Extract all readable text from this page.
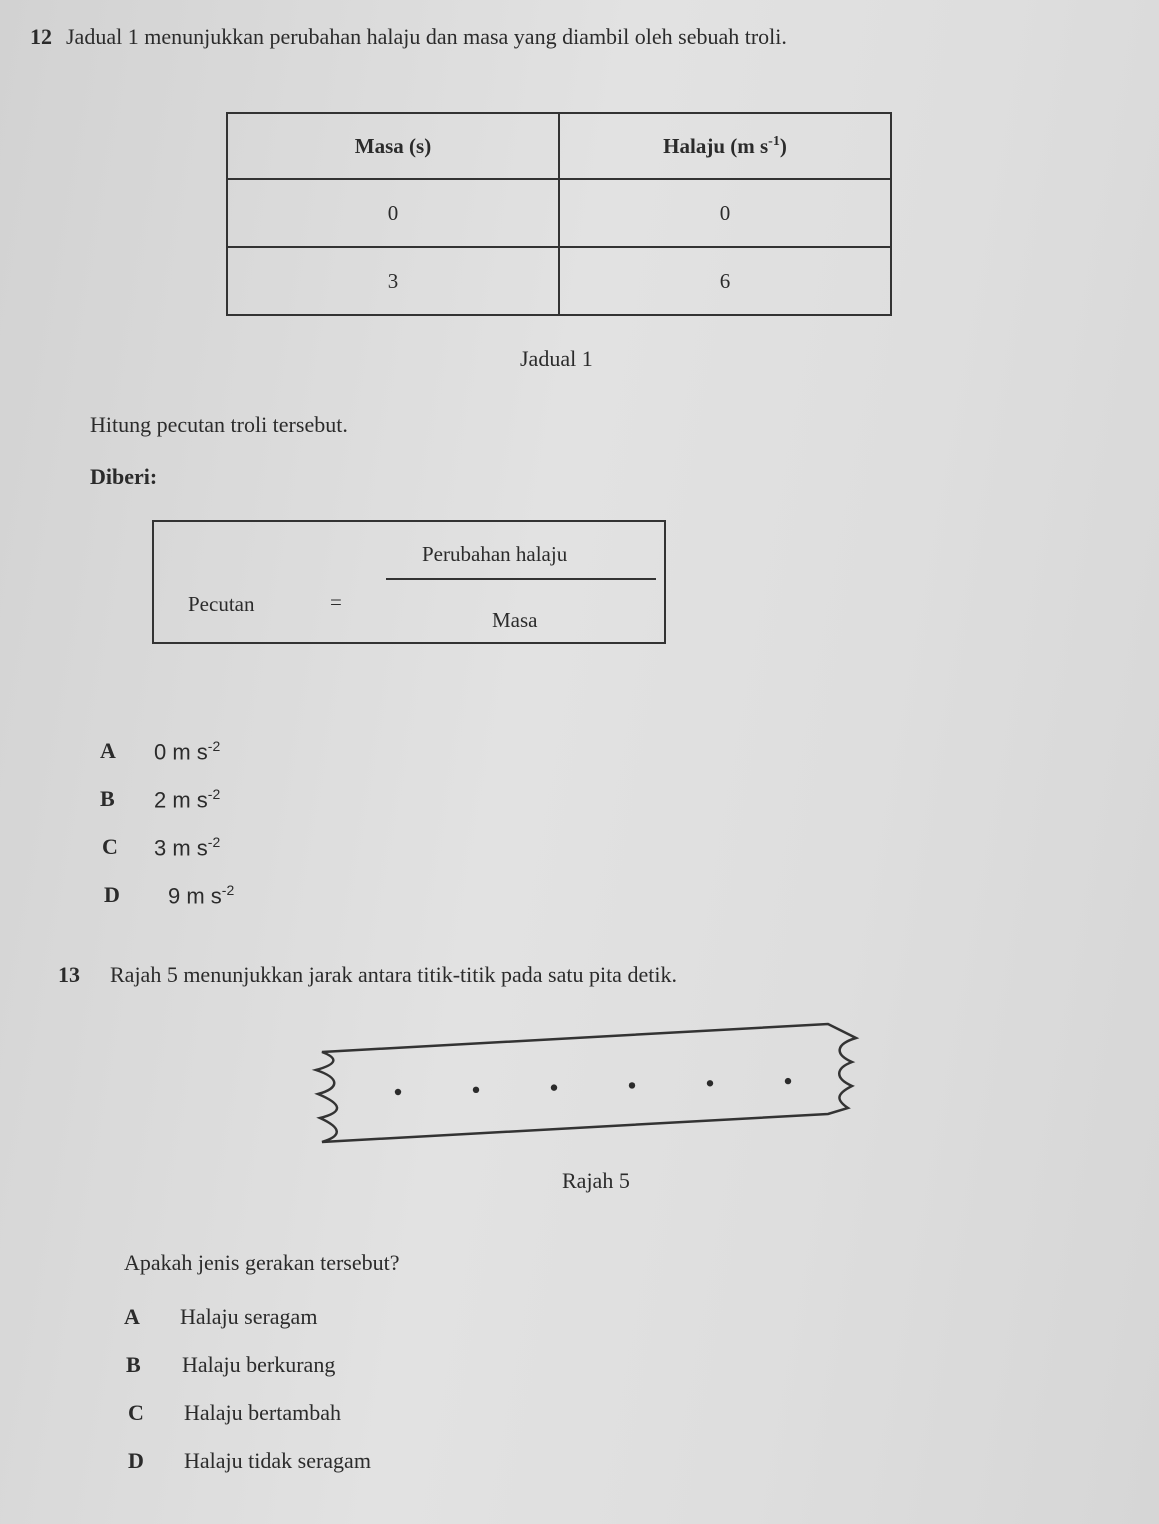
12 Jadual 1 menunjukkan perubahan halaju dan masa yang diambil oleh sebuah troli.
Masa (s)	Halaju (m $s^{-1}$)
0	0
3	6
Jadual 1
Hitung pecutan troli tersebut.
Diberi:
Pecutan	=
Perubahan halaju
Masa
A 0 m $s^{-2}$
B 2 m $s^{-2}$
C 3 m $s^{-2}$
D 9 m $s^{-2}$
13 Rajah 5 menunjukkan jarak antara titik-titik pada satu pita detik.
Rajah 5
Apakah jenis gerakan tersebut?
A Halaju seragam
B Halaju berkurang
C Halaju bertambah
D Halaju tidak seragam
